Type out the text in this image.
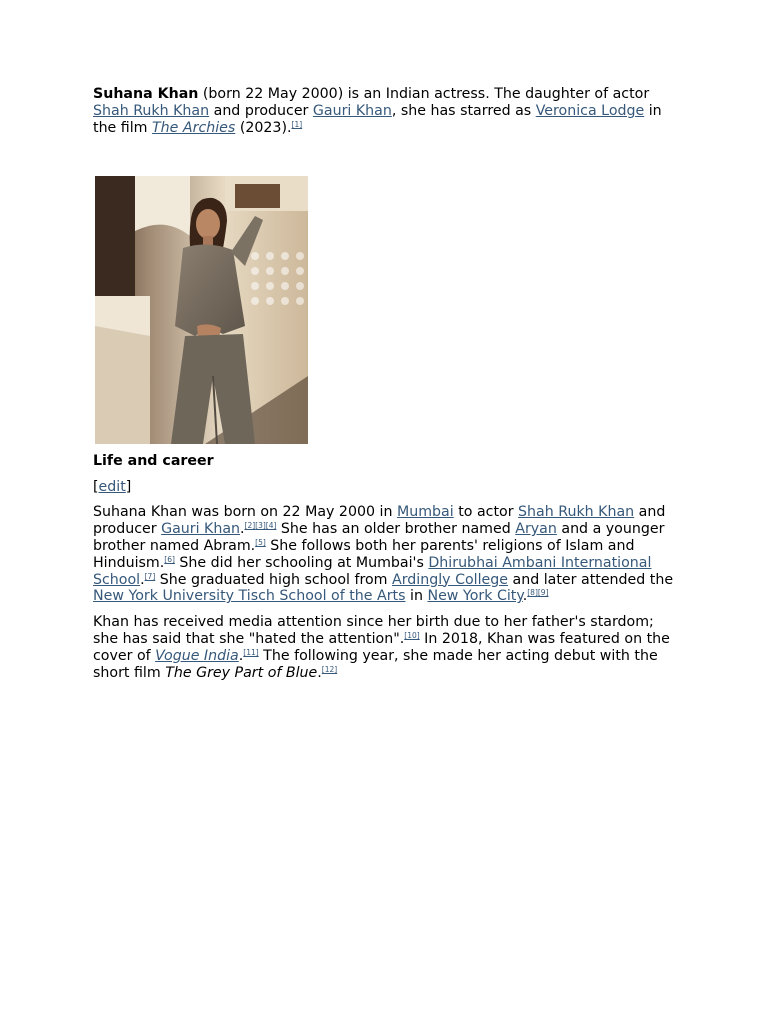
Suhana Khan (born 22 May 2000) is an Indian actress. The daughter of actor Shah Rukh Khan and producer Gauri Khan, she has starred as Veronica Lodge in the film The Archies (2023).[1]

Life and career

[edit]

Suhana Khan was born on 22 May 2000 in Mumbai to actor Shah Rukh Khan and producer Gauri Khan.[2][3][4] She has an older brother named Aryan and a younger brother named Abram.[5] She follows both her parents' religions of Islam and Hinduism.[6] She did her schooling at Mumbai's Dhirubhai Ambani International School.[7] She graduated high school from Ardingly College and later attended the New York University Tisch School of the Arts in New York City.[8][9]

Khan has received media attention since her birth due to her father's stardom; she has said that she "hated the attention".[10] In 2018, Khan was featured on the cover of Vogue India.[11] The following year, she made her acting debut with the short film The Grey Part of Blue.[12]
